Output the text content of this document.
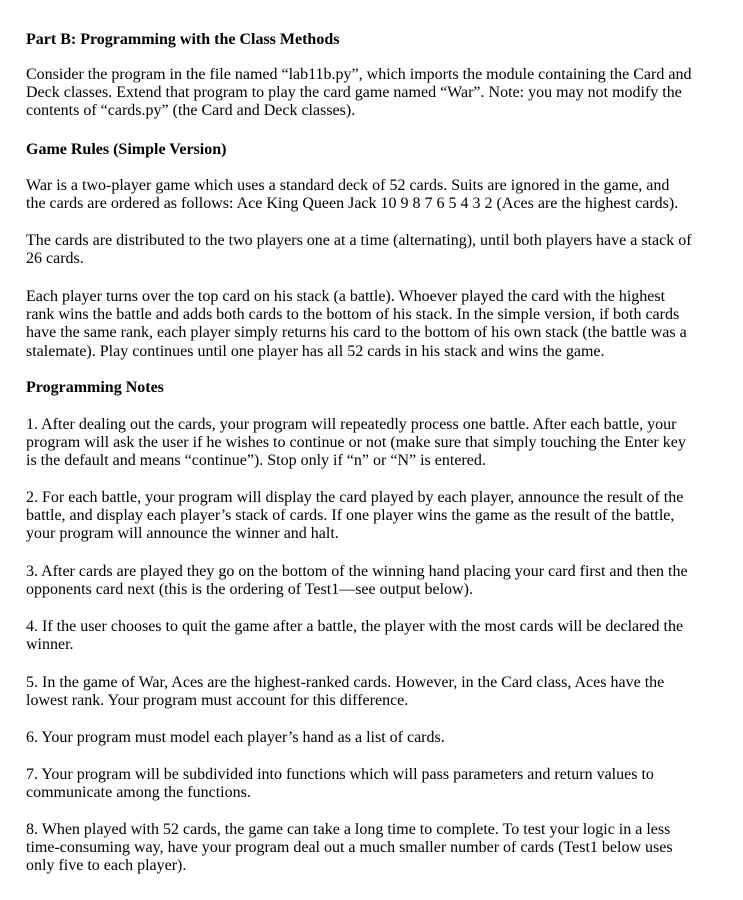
Part B: Programming with the Class Methods
Consider the program in the file named “lab11b.py”, which imports the module containing the Card and
Deck classes. Extend that program to play the card game named “War”. Note: you may not modify the
contents of “cards.py” (the Card and Deck classes).
Game Rules (Simple Version)
War is a two-player game which uses a standard deck of 52 cards. Suits are ignored in the game, and
the cards are ordered as follows: Ace King Queen Jack 10 9 8 7 6 5 4 3 2 (Aces are the highest cards).
The cards are distributed to the two players one at a time (alternating), until both players have a stack of
26 cards.
Each player turns over the top card on his stack (a battle). Whoever played the card with the highest
rank wins the battle and adds both cards to the bottom of his stack. In the simple version, if both cards
have the same rank, each player simply returns his card to the bottom of his own stack (the battle was a
stalemate). Play continues until one player has all 52 cards in his stack and wins the game.
Programming Notes
1. After dealing out the cards, your program will repeatedly process one battle. After each battle, your
program will ask the user if he wishes to continue or not (make sure that simply touching the Enter key
is the default and means “continue”). Stop only if “n” or “N” is entered.
2. For each battle, your program will display the card played by each player, announce the result of the
battle, and display each player’s stack of cards. If one player wins the game as the result of the battle,
your program will announce the winner and halt.
3. After cards are played they go on the bottom of the winning hand placing your card first and then the
opponents card next (this is the ordering of Test1—see output below).
4. If the user chooses to quit the game after a battle, the player with the most cards will be declared the
winner.
5. In the game of War, Aces are the highest-ranked cards. However, in the Card class, Aces have the
lowest rank. Your program must account for this difference.
6. Your program must model each player’s hand as a list of cards.
7. Your program will be subdivided into functions which will pass parameters and return values to
communicate among the functions.
8. When played with 52 cards, the game can take a long time to complete. To test your logic in a less
time-consuming way, have your program deal out a much smaller number of cards (Test1 below uses
only five to each player).
